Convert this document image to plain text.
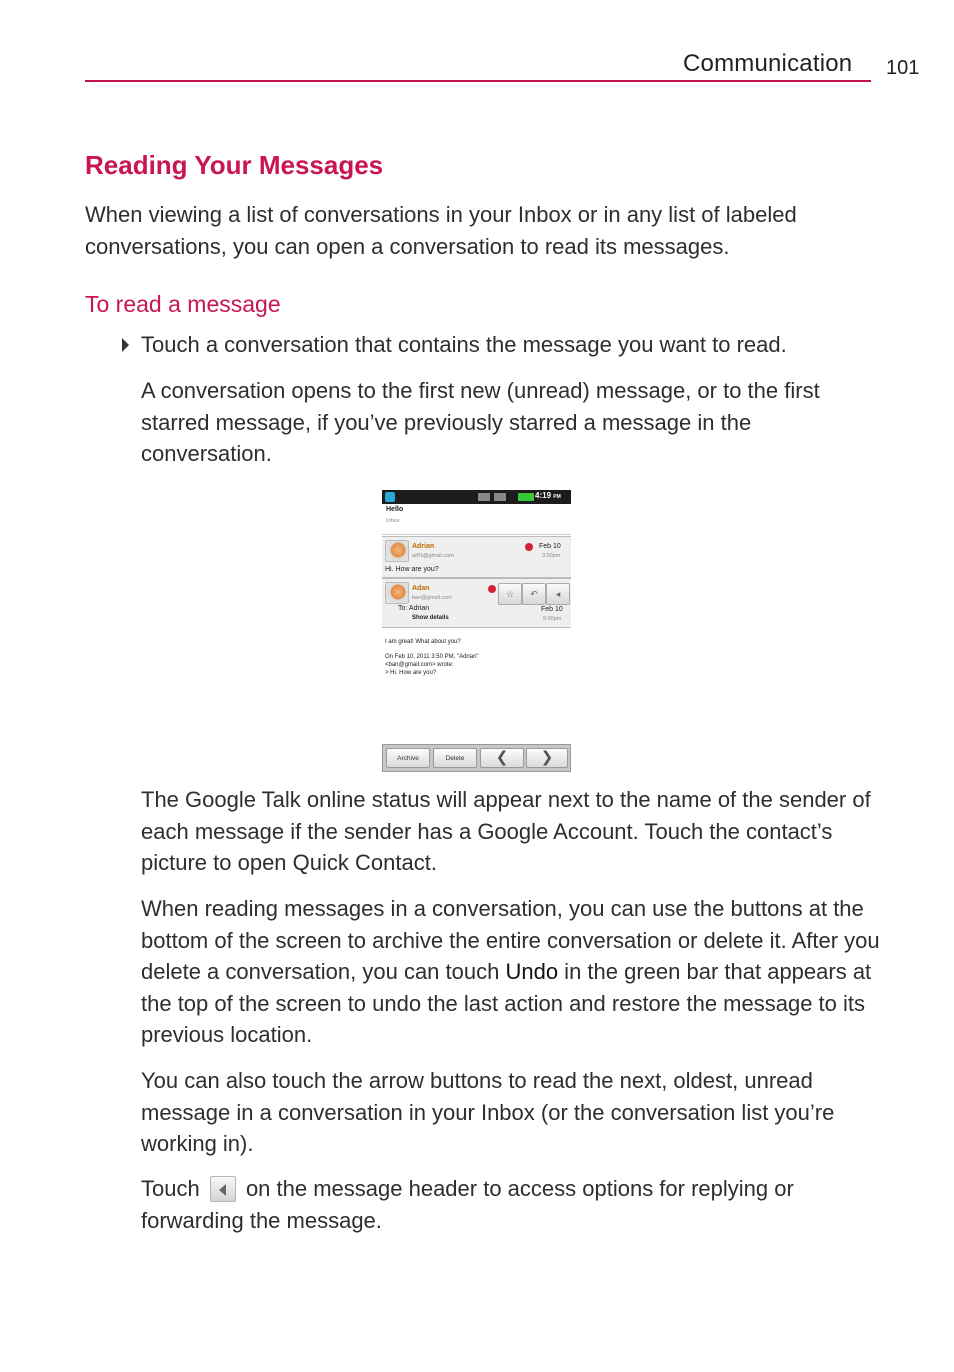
Communication 101
Reading Your Messages
When viewing a list of conversations in your Inbox or in any list of labeled conversations, you can open a conversation to read its messages.
To read a message
Touch a conversation that contains the message you want to read.
A conversation opens to the first new (unread) message, or to the first starred message, if you’ve previously starred a message in the conversation.
4:19 PM
Hello
Inbox
Adrian
ad%@gmail.com
Feb 10
3:50pm
Hi. How are you?
Adan
ban@gmail.com	☆	↶	◂
To: Adrian
Show details
Feb 10
5:00pm
I am great! What about you?
On Feb 10, 2011 3:50 PM, "Adrian"
<ban@gmail.com> wrote:
> Hi. How are you?
Archive	Delete	❮	❯
The Google Talk online status will appear next to the name of the sender of each message if the sender has a Google Account. Touch the contact’s picture to open Quick Contact.
When reading messages in a conversation, you can use the buttons at the bottom of the screen to archive the entire conversation or delete it. After you delete a conversation, you can touch Undo in the green bar that appears at the top of the screen to undo the last action and restore the message to its previous location.
You can also touch the arrow buttons to read the next, oldest, unread message in a conversation in your Inbox (or the conversation list you’re working in).
Touch
on the message header to access options for replying or forwarding the message.
